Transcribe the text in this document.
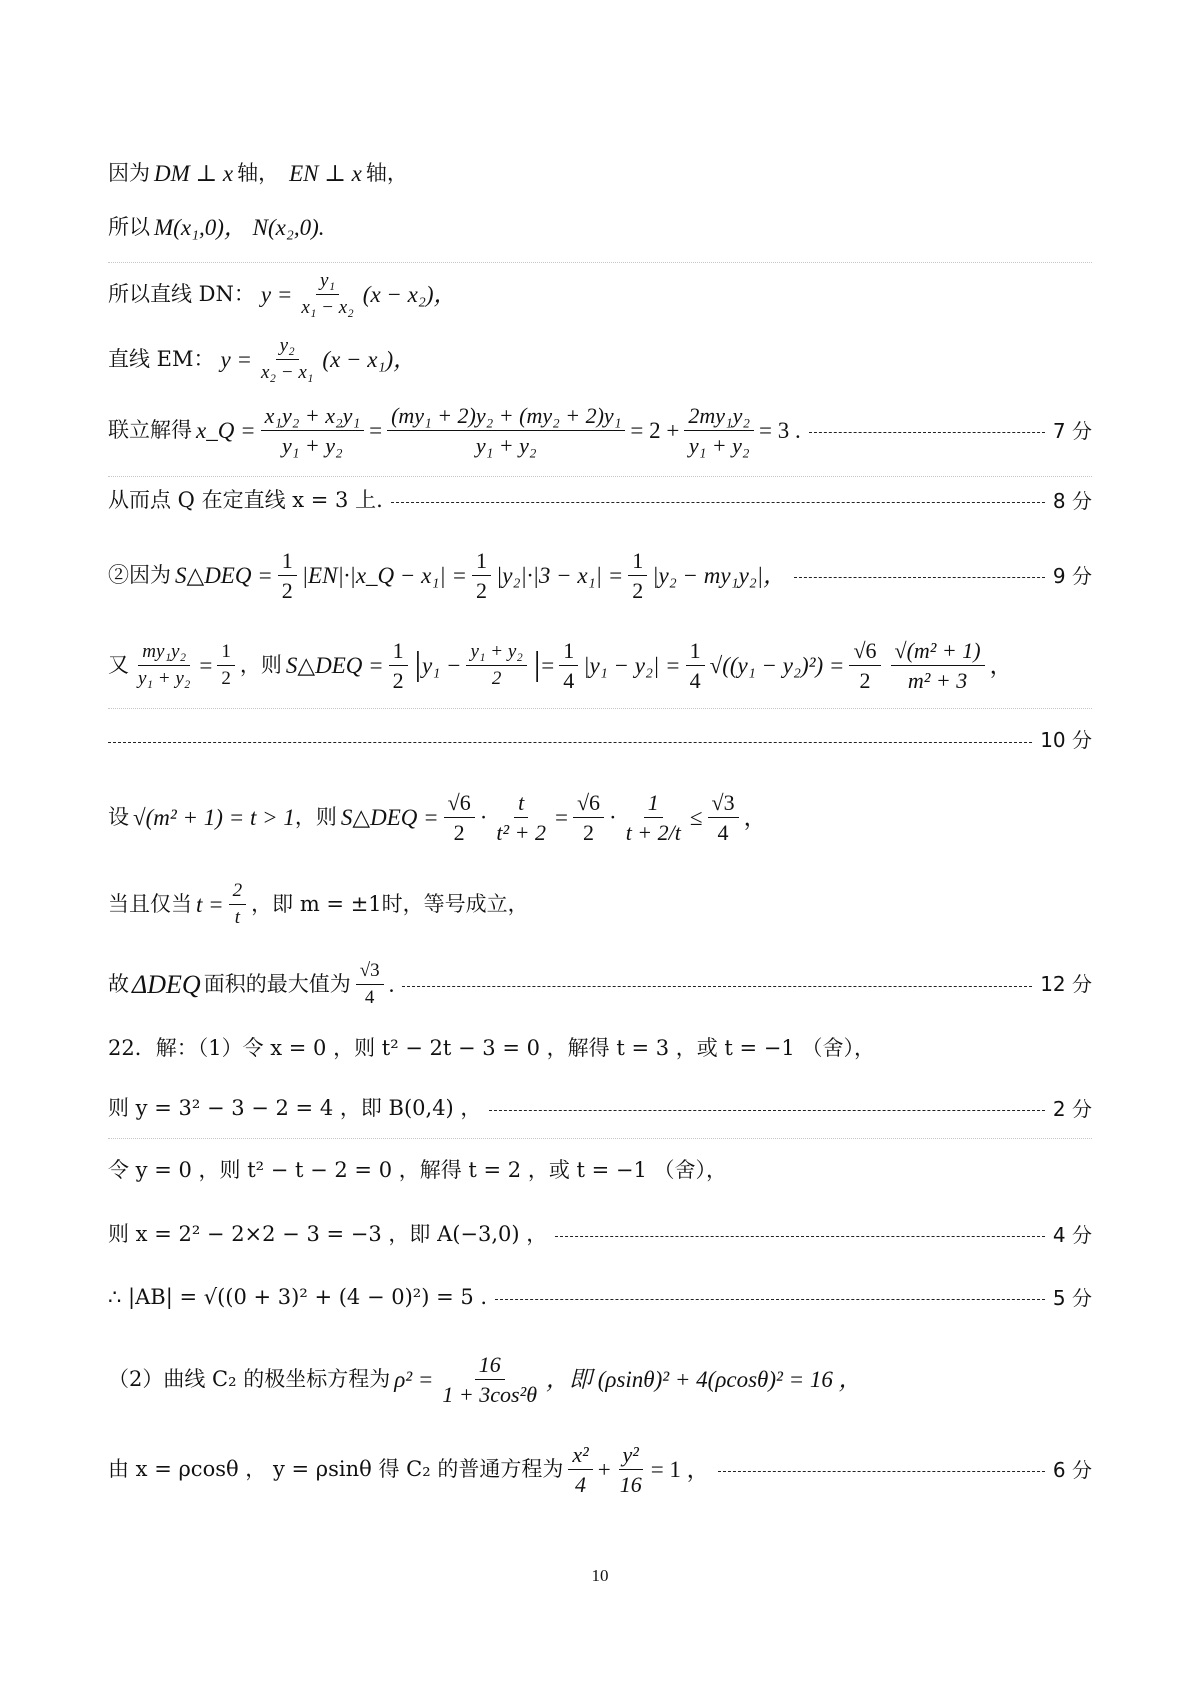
因为 DM ⊥ x 轴， EN ⊥ x 轴，
所以 M(x₁,0)， N(x₂,0).
所以直线 DN： $y = \frac{\text{y₁}}{\text{x₁ − x₂}} (x - x_2)$，
直线 EM： $y = \frac{\text{y₂}}{\text{x₂ − x₁}} (x - x_1)$，
联立解得 x_Q = $\frac{\text{x₁y₂ + x₂y₁}}{\text{y₁ + y₂}} = \frac{\text{(my₁ + 2)y₂ + (my₂ + 2)y₁}}{\text{y₁ + y₂}} = 2 + \frac{\text{2my₁y₂}}{\text{y₁ + y₂}} = 3$ .	7 分
从而点 Q 在定直线 x = 3 上.	8 分
②因为 S△DEQ = $\frac{1}{2}$ |EN|·|x_Q − $x_1| = \frac{1}{2} |y_2|\cdot|3 - x_1| = \frac{1}{2} |y_2 - my_1y_2|$，	9 分
又 $\frac{\text{my₁y₂}}{\text{y₁ + y₂}} = \frac{1}{2}$ ，则 S△DEQ = $\frac{1}{2}$ | $y_1 - \frac{\text{y₁ + y₂}}{2}$ | = $\frac{1}{4} |y_1 - y_2| = \frac{1}{4} √((y_1 - y_2)^2) = \frac{√6}{2} \frac{\text{√(m² + 1)}}{\text{m² + 3}}$ ，
10 分
设 √(m² + 1) = t > 1 ，则 S△DEQ = $\frac{√6}{2} \cdot \frac{t}{\text{t² + 2}} = \frac{√6}{2} \cdot \frac{1}{t + 2/t} \le \frac{√3}{4}$ ，
当且仅当 $t = \frac{2}{t}$ ，即 m = ±1时，等号成立，
故 ΔDEQ 面积的最大值为 $\frac{√3}{4}$ .	12 分
22．解：（1）令 x = 0 ，则 t² − 2t − 3 = 0 ，解得 t = 3 ，或 t = −1 （舍），
则 y = 3² − 3 − 2 = 4 ，即 B(0,4) ，	2 分
令 y = 0 ，则 t² − t − 2 = 0 ，解得 t = 2 ，或 t = −1 （舍），
则 x = 2² − 2×2 − 3 = −3 ，即 A(−3,0) ，	4 分
∴ |AB| = √((0 + 3)² + (4 − 0)²) = 5 .	5 分
（2）曲线 C₂ 的极坐标方程为 $\rho^2 = \frac{16}{\text{1 + 3cos²θ}}$ ，即 (ρsinθ)² + 4(ρcosθ)² = 16 ，
由 x = ρcosθ ， y = ρsinθ 得 C₂ 的普通方程为 $\frac{\text{x²}}{4} + \frac{\text{y²}}{16} = 1$ ，	6 分
10
